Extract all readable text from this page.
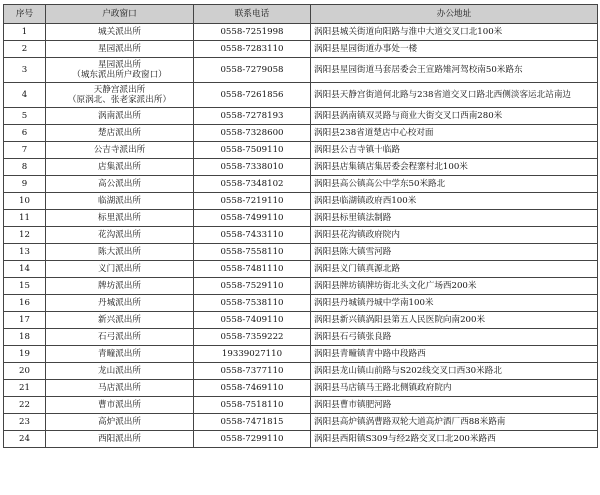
序号	户政窗口	联系电话	办公地址
1	城关派出所	0558-7251998	涡阳县城关街道向阳路与淮中大道交叉口北100米
2	星园派出所	0558-7283110	涡阳县星园街道办事处一楼
3	星园派出所
（城东派出所户政窗口）	0558-7279058	涡阳县星园街道马套居委会王宣路雉河驾校南50米路东
4	天静宫派出所
（原涡北、张老家派出所）	0558-7261856	涡阳县天静宫街道何北路与238省道交叉口路北西侧淡客运北站南边
5	涡南派出所	0558-7278193	涡阳县涡南镇双灵路与商业大街交叉口西南280米
6	楚店派出所	0558-7328600	涡阳县238省道楚店中心校对面
7	公吉寺派出所	0558-7509110	涡阳县公吉寺镇十临路
8	店集派出所	0558-7338010	涡阳县店集镇店集居委会程寨村北100米
9	高公派出所	0558-7348102	涡阳县高公镇高公中学东50米路北
10	临湖派出所	0558-7219110	涡阳县临湖镇政府西100米
11	标里派出所	0558-7499110	涡阳县标里镇法制路
12	花沟派出所	0558-7433110	涡阳县花沟镇政府院内
13	陈大派出所	0558-7558110	涡阳县陈大镇雪河路
14	义门派出所	0558-7481110	涡阳县义门镇真源北路
15	牌坊派出所	0558-7529110	涡阳县牌坊镇牌坊街北头文化广场西200米
16	丹城派出所	0558-7538110	涡阳县丹城镇丹城中学南100米
17	新兴派出所	0558-7409110	涡阳县新兴镇涡阳县第五人民医院向南200米
18	石弓派出所	0558-7359222	涡阳县石弓镇张良路
19	青疃派出所	19339027110	涡阳县青疃镇青中路中段路西
20	龙山派出所	0558-7377110	涡阳县龙山镇山前路与S202线交叉口西30米路北
21	马店派出所	0558-7469110	涡阳县马店镇马王路北侧镇政府院内
22	曹市派出所	0558-7518110	涡阳县曹市镇肥河路
23	高炉派出所	0558-7471815	涡阳县高炉镇涡曹路双轮大道高炉酒厂西88米路南
24	西阳派出所	0558-7299110	涡阳县西阳镇S309与经2路交叉口北200米路西
